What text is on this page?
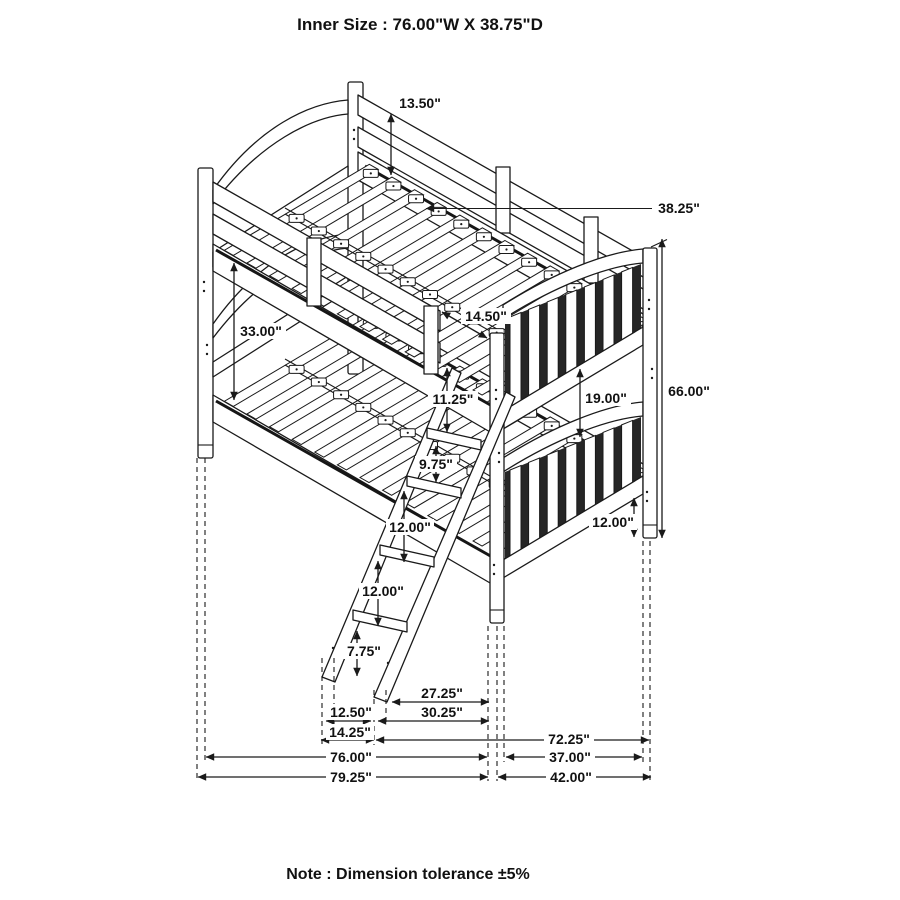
Inner Size : 76.00"W X 38.75"D
13.50"
38.25"
33.00"
14.50"
11.25"	19.00"	66.00"
12.00"
9.75"
12.00"
12.00"
7.75"
27.25"
12.50"	30.25"
14.25"	72.25"
76.00"	37.00"
79.25"	42.00"
Note : Dimension tolerance ±5%
